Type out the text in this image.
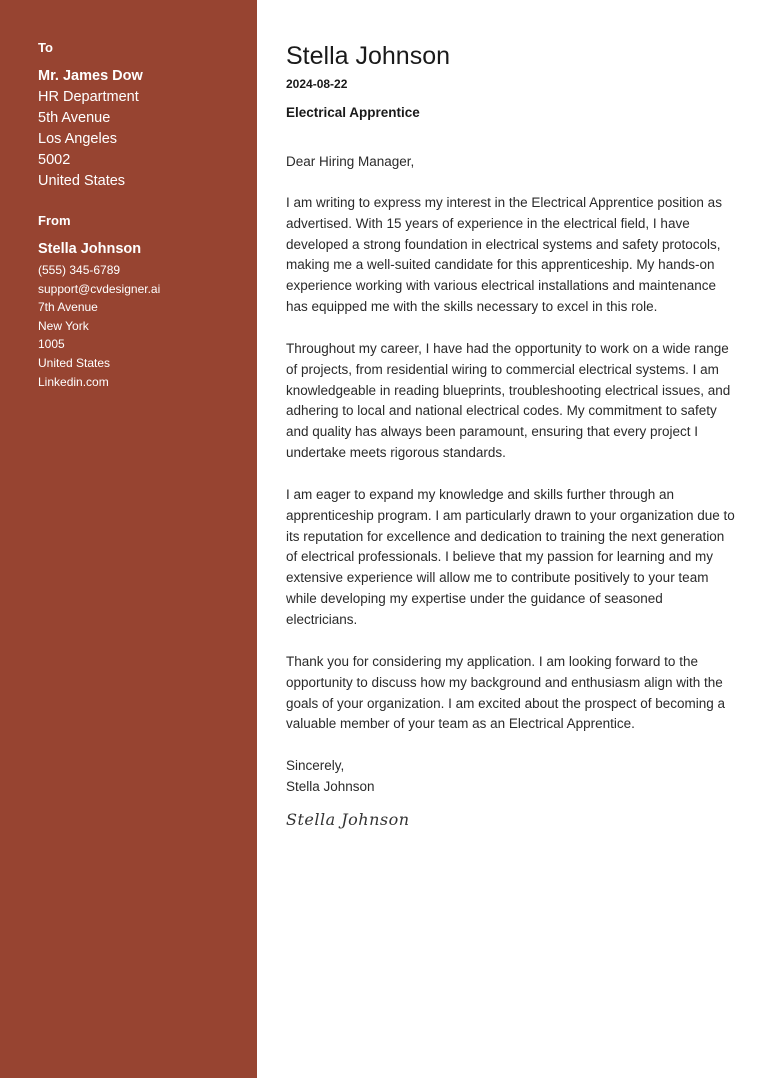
To
Mr. James Dow
HR Department
5th Avenue
Los Angeles
5002
United States
From
Stella Johnson
(555) 345-6789
support@cvdesigner.ai
7th Avenue
New York
1005
United States
Linkedin.com
Stella Johnson
2024-08-22
Electrical Apprentice
Dear Hiring Manager,
I am writing to express my interest in the Electrical Apprentice position as advertised. With 15 years of experience in the electrical field, I have developed a strong foundation in electrical systems and safety protocols, making me a well-suited candidate for this apprenticeship. My hands-on experience working with various electrical installations and maintenance has equipped me with the skills necessary to excel in this role.
Throughout my career, I have had the opportunity to work on a wide range of projects, from residential wiring to commercial electrical systems. I am knowledgeable in reading blueprints, troubleshooting electrical issues, and adhering to local and national electrical codes. My commitment to safety and quality has always been paramount, ensuring that every project I undertake meets rigorous standards.
I am eager to expand my knowledge and skills further through an apprenticeship program. I am particularly drawn to your organization due to its reputation for excellence and dedication to training the next generation of electrical professionals. I believe that my passion for learning and my extensive experience will allow me to contribute positively to your team while developing my expertise under the guidance of seasoned electricians.
Thank you for considering my application. I am looking forward to the opportunity to discuss how my background and enthusiasm align with the goals of your organization. I am excited about the prospect of becoming a valuable member of your team as an Electrical Apprentice.
Sincerely,
Stella Johnson
Stella Johnson
